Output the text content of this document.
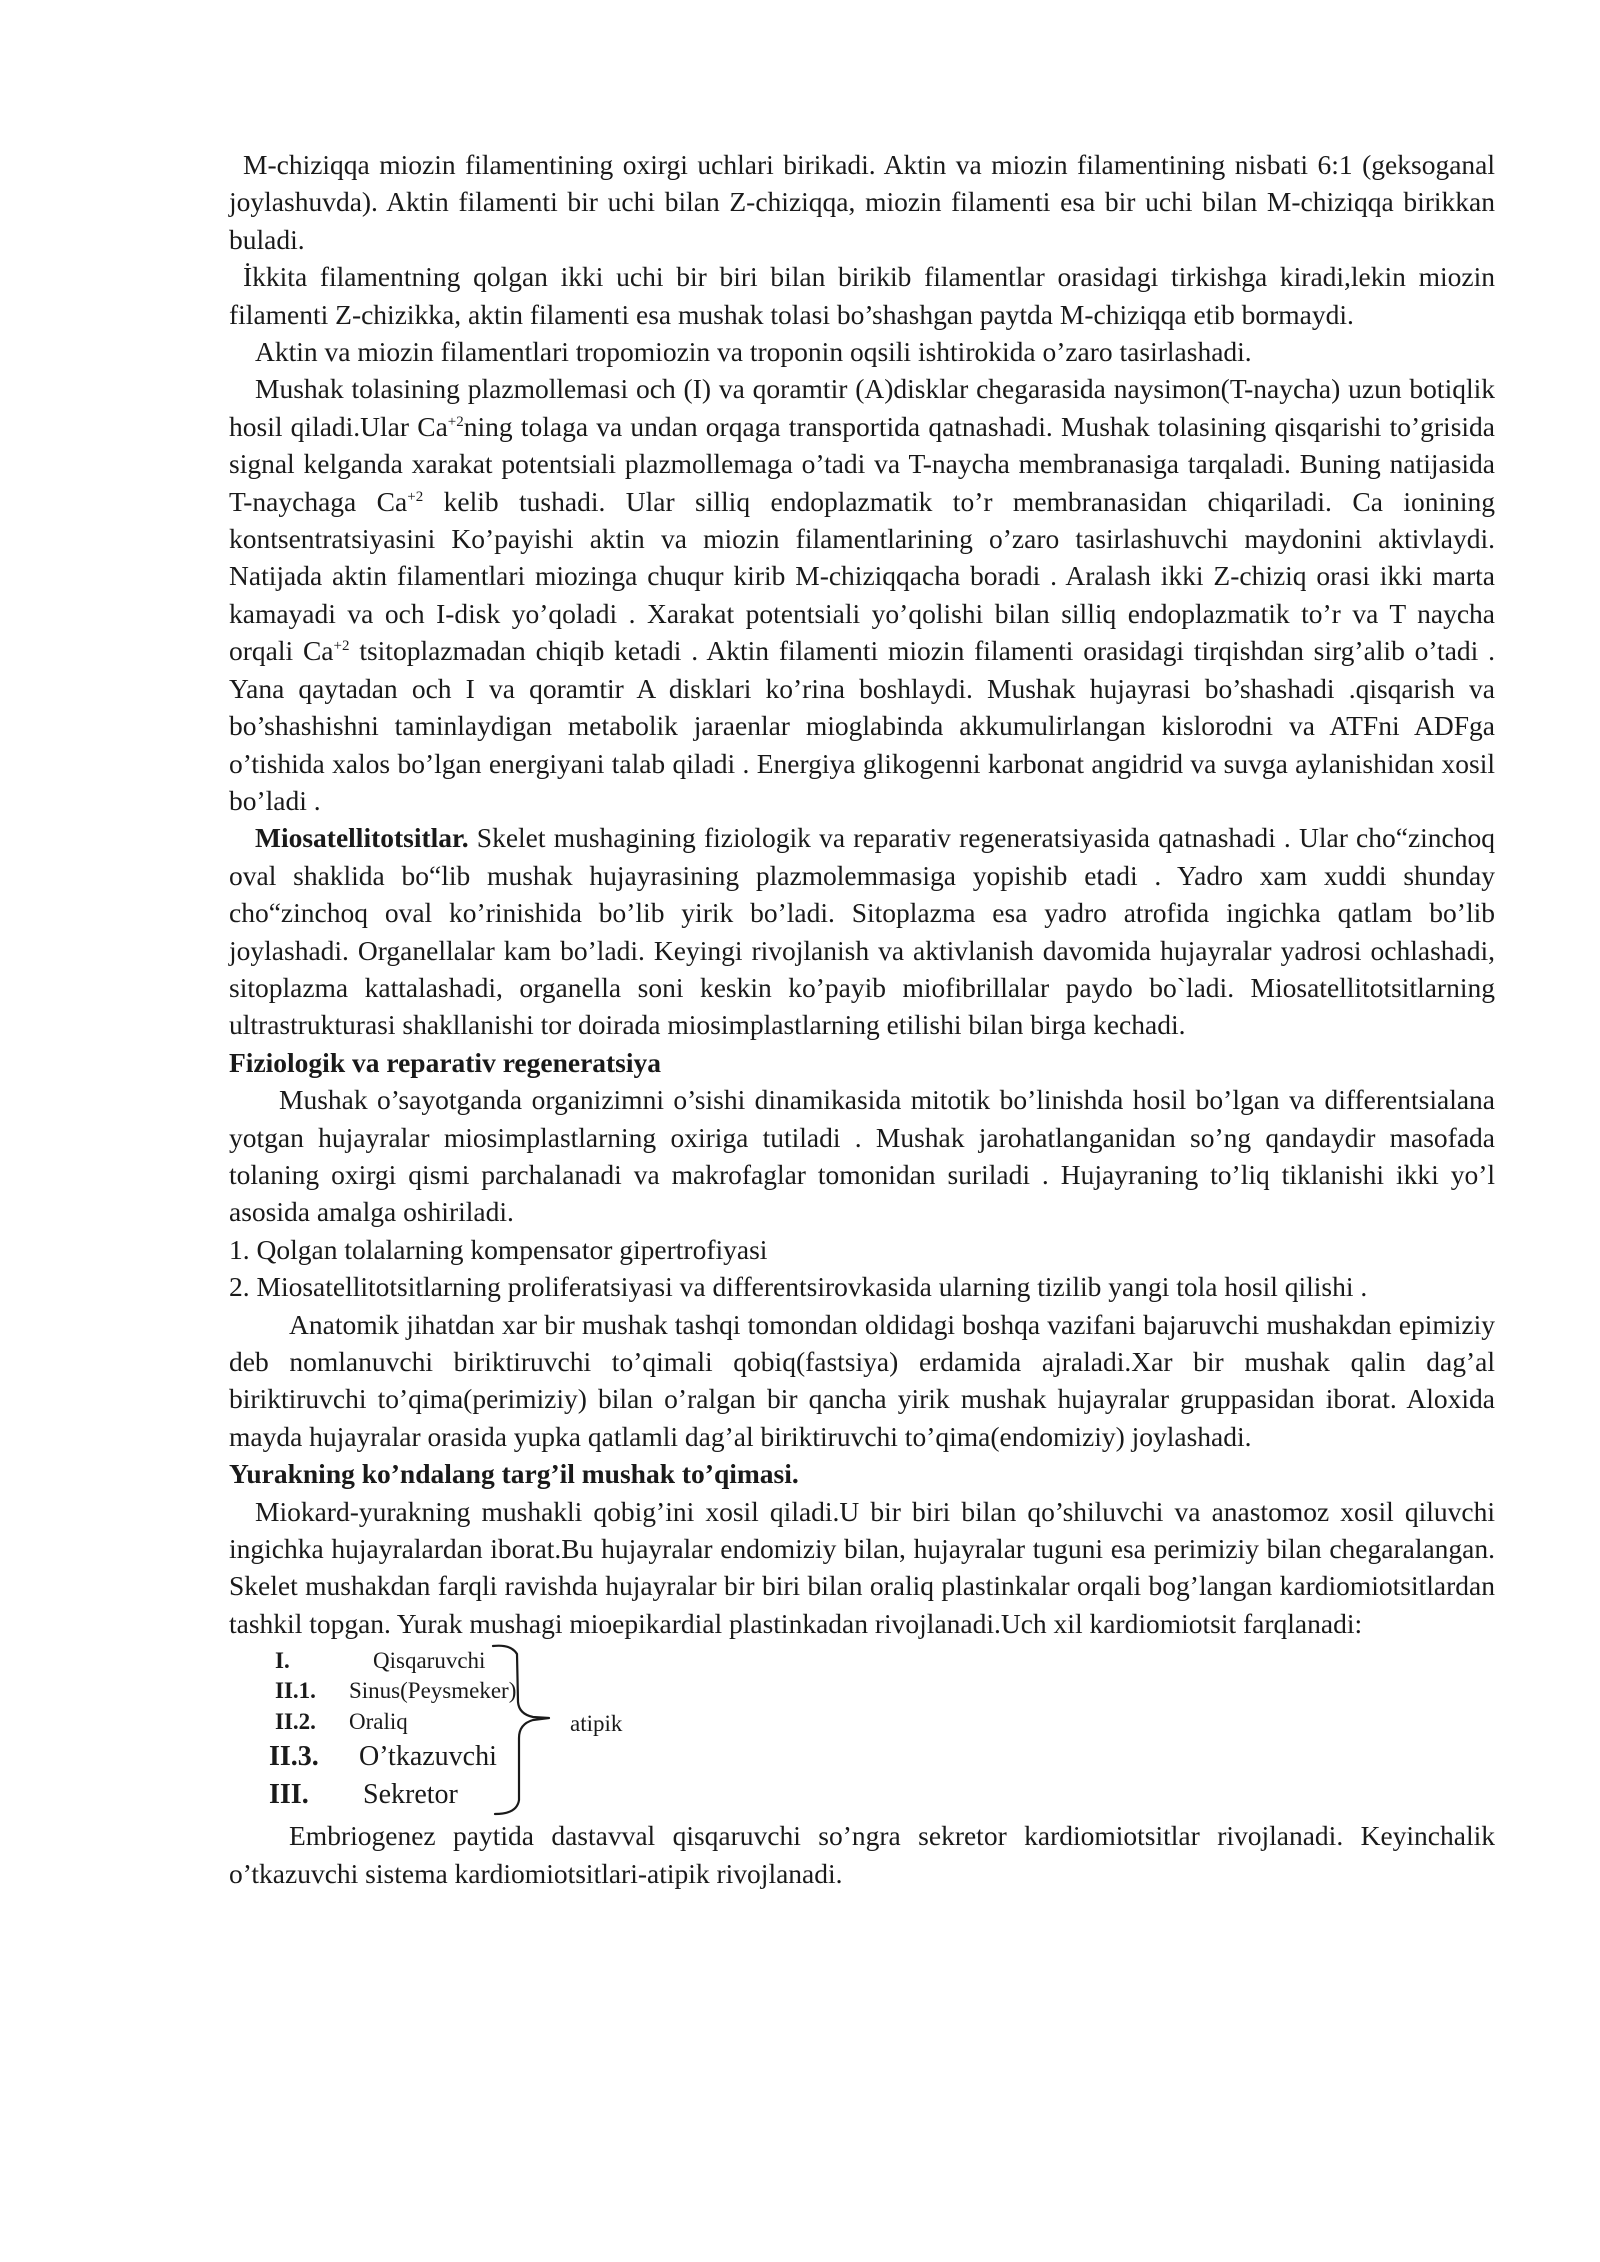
M-chiziqqa miozin filamentining oxirgi uchlari birikadi. Aktin va miozin filamentining nisbati 6:1 (geksoganal joylashuvda). Aktin filamenti bir uchi bilan Z-chiziqqa, miozin filamenti esa bir uchi bilan M-chiziqqa birikkan buladi.

İkkita filamentning qolgan ikki uchi bir biri bilan birikib filamentlar orasidagi tirkishga kiradi,lekin miozin filamenti Z-chizikka, aktin filamenti esa mushak tolasi bo’shashgan paytda M-chiziqqa etib bormaydi.

Aktin va miozin filamentlari tropomiozin va troponin oqsili ishtirokida o’zaro tasirlashadi.

Mushak tolasining plazmollemasi och (I) va qoramtir (A)disklar chegarasida naysimon(T-naycha) uzun botiqlik hosil qiladi.Ular $Ca^{+2}ning$ tolaga va undan orqaga transportida qatnashadi. Mushak tolasining qisqarishi to’grisida signal kelganda xarakat potentsiali plazmollemaga o’tadi va T-naycha membranasiga tarqaladi. Buning natijasida T-naychaga $Ca^{+2}$ kelib tushadi. Ular silliq endoplazmatik to’r membranasidan chiqariladi. Ca ionining kontsentratsiyasini Ko’payishi aktin va miozin filamentlarining o’zaro tasirlashuvchi maydonini aktivlaydi. Natijada aktin filamentlari miozinga chuqur kirib M-chiziqqacha boradi . Aralash ikki Z-chiziq orasi ikki marta kamayadi va och I-disk yo’qoladi . Xarakat potentsiali yo’qolishi bilan silliq endoplazmatik to’r va T naycha orqali $Ca^{+2}$ tsitoplazmadan chiqib ketadi . Aktin filamenti miozin filamenti orasidagi tirqishdan sirg’alib o’tadi . Yana qaytadan och I va qoramtir A disklari ko’rina boshlaydi. Mushak hujayrasi bo’shashadi .qisqarish va bo’shashishni taminlaydigan metabolik jaraenlar mioglabinda akkumulirlangan kislorodni va ATFni ADFga o’tishida xalos bo’lgan energiyani talab qiladi . Energiya glikogenni karbonat angidrid va suvga aylanishidan xosil bo’ladi .

Miosatellitotsitlar. Skelet mushagining fiziologik va reparativ regeneratsiyasida qatnashadi . Ular cho“zinchoq oval shaklida bo“lib mushak hujayrasining plazmolemmasiga yopishib etadi . Yadro xam xuddi shunday cho“zinchoq oval ko’rinishida bo’lib yirik bo’ladi. Sitoplazma esa yadro atrofida ingichka qatlam bo’lib joylashadi. Organellalar kam bo’ladi. Keyingi rivojlanish va aktivlanish davomida hujayralar yadrosi ochlashadi, sitoplazma kattalashadi, organella soni keskin ko’payib miofibrillalar paydo bo`ladi. Miosatellitotsitlarning ultrastrukturasi shakllanishi tor doirada miosimplastlarning etilishi bilan birga kechadi.

Fiziologik va reparativ regeneratsiya

Mushak o’sayotganda organizimni o’sishi dinamikasida mitotik bo’linishda hosil bo’lgan va differentsialana yotgan hujayralar miosimplastlarning oxiriga tutiladi . Mushak jarohatlanganidan so’ng qandaydir masofada tolaning oxirgi qismi parchalanadi va makrofaglar tomonidan suriladi . Hujayraning to’liq tiklanishi ikki yo’l asosida amalga oshiriladi.

1. Qolgan tolalarning kompensator gipertrofiyasi

2. Miosatellitotsitlarning proliferatsiyasi va differentsirovkasida ularning tizilib yangi tola hosil qilishi .

Anatomik jihatdan xar bir mushak tashqi tomondan oldidagi boshqa vazifani bajaruvchi mushakdan epimiziy deb nomlanuvchi biriktiruvchi to’qimali qobiq(fastsiya) erdamida ajraladi.Xar bir mushak qalin dag’al biriktiruvchi to’qima(perimiziy) bilan o’ralgan bir qancha yirik mushak hujayralar gruppasidan iborat. Aloxida mayda hujayralar orasida yupka qatlamli dag’al biriktiruvchi to’qima(endomiziy) joylashadi.

Yurakning ko’ndalang targ’il mushak to’qimasi.

Miokard-yurakning mushakli qobig’ini xosil qiladi.U bir biri bilan qo’shiluvchi va anastomoz xosil qiluvchi ingichka hujayralardan iborat.Bu hujayralar endomiziy bilan, hujayralar tuguni esa perimiziy bilan chegaralangan. Skelet mushakdan farqli ravishda hujayralar bir biri bilan oraliq plastinkalar orqali bog’langan kardiomiotsitlardan tashkil topgan. Yurak mushagi mioepikardial plastinkadan rivojlanadi.Uch xil kardiomiotsit farqlanadi:

I.	Qisqaruvchi
II.1. Sinus(Peysmeker)
II.2. Oraliq
II.3. O’tkazuvchi
III. Sekretor
atipik

Embriogenez paytida dastavval qisqaruvchi so’ngra sekretor kardiomiotsitlar rivojlanadi. Keyinchalik o’tkazuvchi sistema kardiomiotsitlari-atipik rivojlanadi.
